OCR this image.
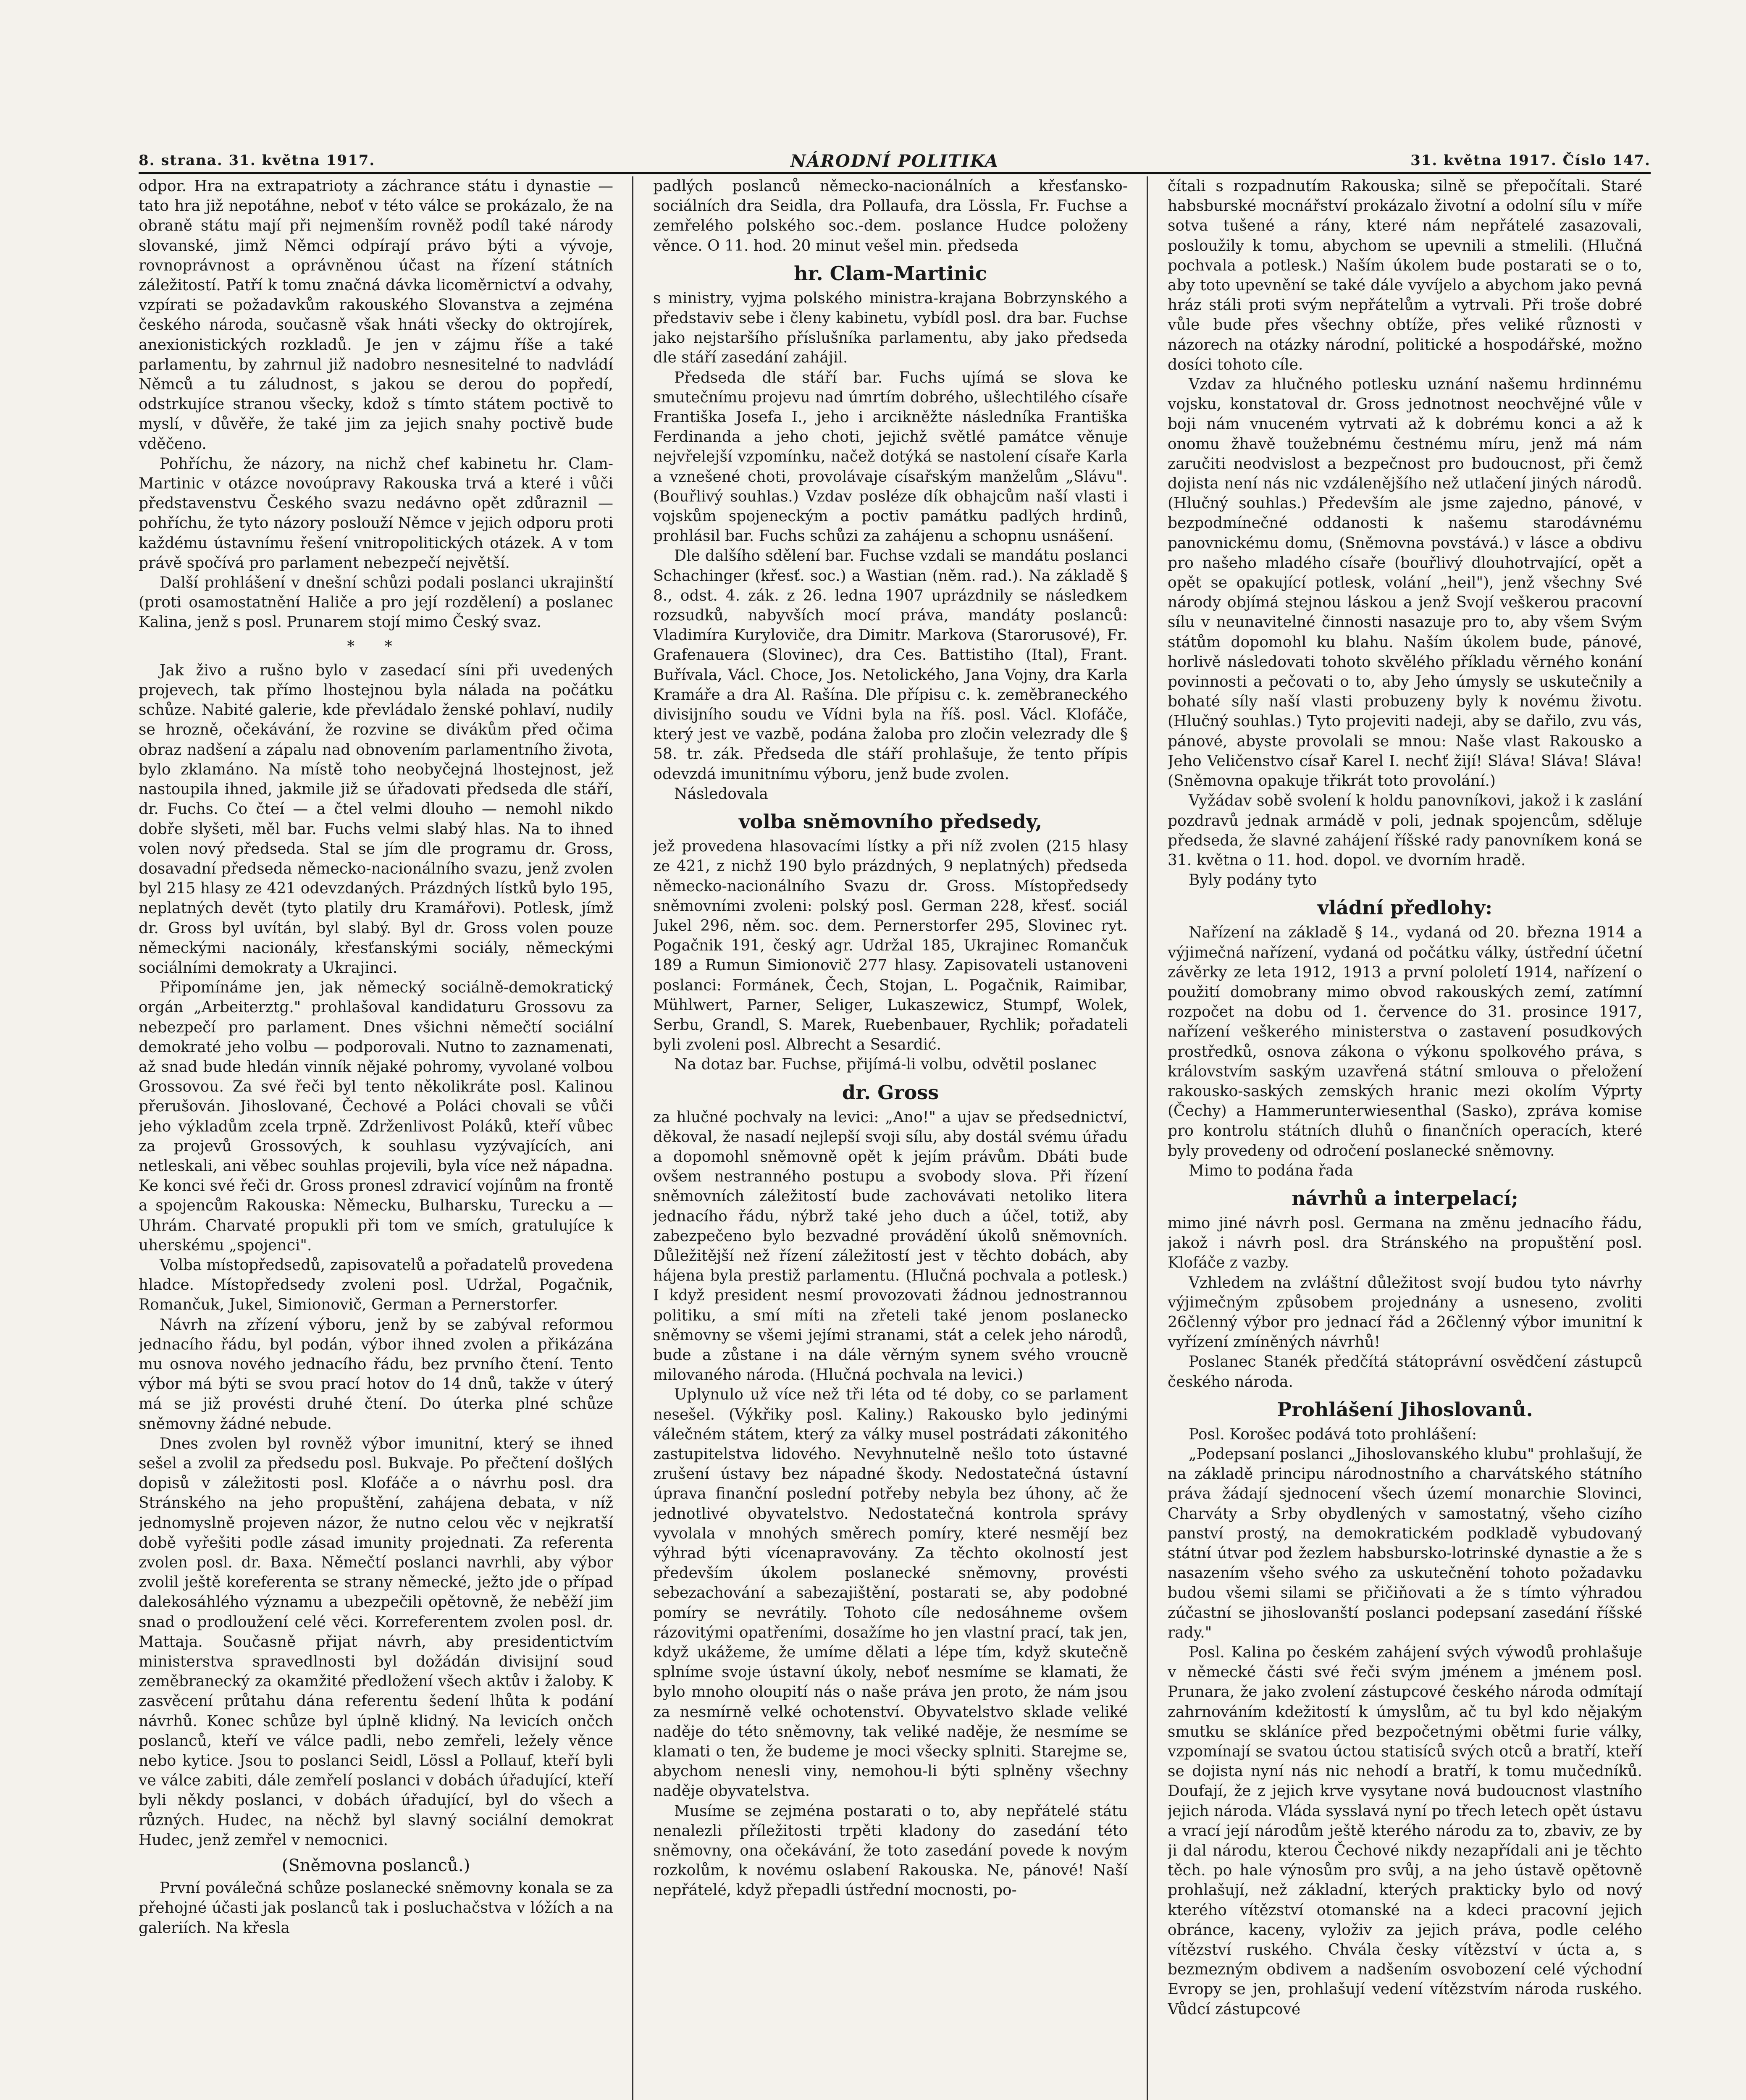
8. strana. 31. května 1917.	NÁRODNÍ POLITIKA	31. května 1917. Číslo 147.

odpor. Hra na extrapatrioty a záchrance státu i dynastie — tato hra již nepotáhne, neboť v této válce se prokázalo, že na obraně státu mají při nejmenším rovněž podíl také národy slovanské, jimž Němci odpírají právo býti a vývoje, rovnoprávnost a oprávněnou účast na řízení státních záležitostí. Patří k tomu značná dávka licoměrnictví a odvahy, vzpírati se požadavkům rakouského Slovanstva a zejména českého národa, současně však hnáti všecky do oktrojírek, anexionistických rozkladů. Je jen v zájmu říše a také parlamentu, by zahrnul již nadobro nesnesitelné to nadvládí Němců a tu záludnost, s jakou se derou do popředí, odstrkujíce stranou všecky, kdož s tímto státem poctivě to myslí, v důvěře, že také jim za jejich snahy poctivě bude vděčeno.

Pohříchu, že názory, na nichž chef kabinetu hr. Clam-Martinic v otázce novoúpravy Rakouska trvá a které i vůči představenstvu Českého svazu nedávno opět zdůraznil — pohříchu, že tyto názory poslouží Němce v jejich odporu proti každému ústavnímu řešení vnitropolitických otázek. A v tom právě spočívá pro parlament nebezpečí největší.

Další prohlášení v dnešní schůzi podali poslanci ukrajinští (proti osamostatnění Haliče a pro její rozdělení) a poslanec Kalina, jenž s posl. Prunarem stojí mimo Český svaz.

* *

Jak živo a rušno bylo v zasedací síni při uvedených projevech, tak přímo lhostejnou byla nálada na počátku schůze. Nabité galerie, kde převládalo ženské pohlaví, nudily se hrozně, očekávání, že rozvine se divákům před očima obraz nadšení a zápalu nad obnovením parlamentního života, bylo zklamáno. Na místě toho neobyčejná lhostejnost, jež nastoupila ihned, jakmile již se úřadovati předseda dle stáří, dr. Fuchs. Co čteí — a čtel velmi dlouho — nemohl nikdo dobře slyšeti, měl bar. Fuchs velmi slabý hlas. Na to ihned volen nový předseda. Stal se jím dle programu dr. Gross, dosavadní předseda německo-nacionálního svazu, jenž zvolen byl 215 hlasy ze 421 odevzdaných. Prázdných lístků bylo 195, neplatných devět (tyto platily dru Kramářovi). Potlesk, jímž dr. Gross byl uvítán, byl slabý. Byl dr. Gross volen pouze německými nacionály, křesťanskými sociály, německými sociálními demokraty a Ukrajinci.

Připomínáme jen, jak německý sociálně-demokratický orgán „Arbeiterztg." prohlašoval kandidaturu Grossovu za nebezpečí pro parlament. Dnes všichni němečtí sociální demokraté jeho volbu — podporovali. Nutno to zaznamenati, až snad bude hledán vinník nějaké pohromy, vyvolané volbou Grossovou. Za své řeči byl tento několikráte posl. Kalinou přerušován. Jihoslované, Čechové a Poláci chovali se vůči jeho výkladům zcela trpně. Zdrženlivost Poláků, kteří vůbec za projevů Grossových, k souhlasu vyzývajících, ani netleskali, ani věbec souhlas projevili, byla více než nápadna. Ke konci své řeči dr. Gross pronesl zdravicí vojínům na frontě a spojencům Rakouska: Německu, Bulharsku, Turecku a — Uhrám. Charvaté propukli při tom ve smích, gratulujíce k uherskému „spojenci".

Volba místopředsedů, zapisovatelů a pořadatelů provedena hladce. Místopředsedy zvoleni posl. Udržal, Pogačnik, Romančuk, Jukel, Simionovič, German a Pernerstorfer.

Návrh na zřízení výboru, jenž by se zabýval reformou jednacího řádu, byl podán, výbor ihned zvolen a přikázána mu osnova nového jednacího řádu, bez prvního čtení. Tento výbor má býti se svou prací hotov do 14 dnů, takže v úterý má se již provésti druhé čtení. Do úterka plné schůze sněmovny žádné nebude.

Dnes zvolen byl rovněž výbor imunitní, který se ihned sešel a zvolil za předsedu posl. Bukvaje. Po přečtení došlých dopisů v záležitosti posl. Klofáče a o návrhu posl. dra Stránského na jeho propuštění, zahájena debata, v níž jednomyslně projeven názor, že nutno celou věc v nejkratší době vyřešiti podle zásad imunity projednati. Za referenta zvolen posl. dr. Baxa. Němečtí poslanci navrhli, aby výbor zvolil ještě koreferenta se strany německé, ježto jde o případ dalekosáhlého významu a ubezpečili opětovně, že neběží jim snad o prodloužení celé věci. Korreferentem zvolen posl. dr. Mattaja. Současně přijat návrh, aby presidentictvím ministerstva spravedlnosti byl dožádán divisijní soud zeměbranecký za okamžité předložení všech aktův i žaloby. K zasvěcení průtahu dána referentu šedení lhůta k podání návrhů. Konec schůze byl úplně klidný. Na levicích ončch poslanců, kteří ve válce padli, nebo zemřeli, ležely věnce nebo kytice. Jsou to poslanci Seidl, Lössl a Pollauf, kteří byli ve válce zabiti, dále zemřelí poslanci v dobách úřadující, kteří byli někdy poslanci, v dobách úřadující, byl do všech a různých. Hudec, na něchž byl slavný sociální demokrat Hudec, jenž zemřel v nemocnici.

(Sněmovna poslanců.)

První poválečná schůze poslanecké sněmovny konala se za přehojné účasti jak poslanců tak i posluchačstva v lóžích a na galeriích. Na křesla

padlých poslanců německo-nacionálních a křesťansko-sociálních dra Seidla, dra Pollaufa, dra Lössla, Fr. Fuchse a zemřelého polského soc.-dem. poslance Hudce položeny věnce. O 11. hod. 20 minut vešel min. předseda

hr. Clam-Martinic

s ministry, vyjma polského ministra-krajana Bobrzynského a představiv sebe i členy kabinetu, vybídl posl. dra bar. Fuchse jako nejstaršího příslušníka parlamentu, aby jako předseda dle stáří zasedání zahájil.

Předseda dle stáří bar. Fuchs ujímá se slova ke smutečnímu projevu nad úmrtím dobrého, ušlechtilého císaře Františka Josefa I., jeho i arcikněžte následníka Františka Ferdinanda a jeho choti, jejichž světlé památce věnuje nejvřelejší vzpomínku, načež dotýká se nastolení císaře Karla a vznešené choti, provolávaje císařským manželům „Slávu". (Bouřlivý souhlas.) Vzdav posléze dík obhajcům naší vlasti i vojskům spojeneckým a poctiv památku padlých hrdinů, prohlásil bar. Fuchs schůzi za zahájenu a schopnu usnášení.

Dle dalšího sdělení bar. Fuchse vzdali se mandátu poslanci Schachinger (křesť. soc.) a Wastian (něm. rad.). Na základě § 8., odst. 4. zák. z 26. ledna 1907 uprázdnily se následkem rozsudků, nabyvších mocí práva, mandáty poslanců: Vladimíra Kuryloviče, dra Dimitr. Markova (Starorusové), Fr. Grafenauera (Slovinec), dra Ces. Battistiho (Ital), Frant. Buřívala, Václ. Choce, Jos. Netolického, Jana Vojny, dra Karla Kramáře a dra Al. Rašína. Dle přípisu c. k. zeměbraneckého divisijního soudu ve Vídni byla na říš. posl. Václ. Klofáče, který jest ve vazbě, podána žaloba pro zločin velezrady dle § 58. tr. zák. Předseda dle stáří prohlašuje, že tento přípis odevzdá imunitnímu výboru, jenž bude zvolen.

Následovala

volba sněmovního předsedy,

jež provedena hlasovacími lístky a při níž zvolen (215 hlasy ze 421, z nichž 190 bylo prázdných, 9 neplatných) předseda německo-nacionálního Svazu dr. Gross. Místopředsedy sněmovními zvoleni: polský posl. German 228, křesť. sociál Jukel 296, něm. soc. dem. Pernerstorfer 295, Slovinec ryt. Pogačnik 191, český agr. Udržal 185, Ukrajinec Romančuk 189 a Rumun Simionovič 277 hlasy. Zapisovateli ustanoveni poslanci: Formánek, Čech, Stojan, L. Pogačnik, Raimibar, Mühlwert, Parner, Seliger, Lukaszewicz, Stumpf, Wolek, Serbu, Grandl, S. Marek, Ruebenbauer, Rychlik; pořadateli byli zvoleni posl. Albrecht a Sesardić.

Na dotaz bar. Fuchse, přijímá-li volbu, odvětil poslanec

dr. Gross

za hlučné pochvaly na levici: „Ano!" a ujav se předsednictví, děkoval, že nasadí nejlepší svoji sílu, aby dostál svému úřadu a dopomohl sněmovně opět k jejím právům. Dbáti bude ovšem nestranného postupu a svobody slova. Při řízení sněmovních záležitostí bude zachovávati netoliko litera jednacího řádu, nýbrž také jeho duch a účel, totiž, aby zabezpečeno bylo bezvadné provádění úkolů sněmovních. Důležitější než řízení záležitostí jest v těchto dobách, aby hájena byla prestiž parlamentu. (Hlučná pochvala a potlesk.) I když president nesmí provozovati žádnou jednostrannou politiku, a smí míti na zřeteli také jenom poslanecko sněmovny se všemi jejími stranami, stát a celek jeho národů, bude a zůstane i na dále věrným synem svého vroucně milovaného národa. (Hlučná pochvala na levici.)

Uplynulo už více než tři léta od té doby, co se parlament nesešel. (Výkřiky posl. Kaliny.) Rakousko bylo jedinými válečném státem, který za války musel postrádati zákonitého zastupitelstva lidového. Nevyhnutelně nešlo toto ústavné zrušení ústavy bez nápadné škody. Nedostatečná ústavní úprava finanční poslední potřeby nebyla bez úhony, ač že jednotlivé obyvatelstvo. Nedostatečná kontrola správy vyvolala v mnohých směrech pomíry, které nesmějí bez výhrad býti vícenapravovány. Za těchto okolností jest především úkolem poslanecké sněmovny, provésti sebezachování a sabezajištění, postarati se, aby podobné pomíry se nevrátily. Tohoto cíle nedosáhneme ovšem rázovitými opatřeními, dosažíme ho jen vlastní prací, tak jen, když ukážeme, že umíme dělati a lépe tím, když skutečně splníme svoje ústavní úkoly, neboť nesmíme se klamati, že bylo mnoho oloupití nás o naše práva jen proto, že nám jsou za nesmírně velké ochotenství. Obyvatelstvo sklade veliké naděje do této sněmovny, tak veliké naděje, že nesmíme se klamati o ten, že budeme je moci všecky splniti. Starejme se, abychom nenesli viny, nemohou-li býti splněny všechny naděje obyvatelstva.

Musíme se zejména postarati o to, aby nepřátelé státu nenalezli příležitosti trpěti kladony do zasedání této sněmovny, ona očekávání, že toto zasedání povede k novým rozkolům, k novému oslabení Rakouska. Ne, pánové! Naší nepřátelé, když přepadli ústřední mocnosti, po-

čítali s rozpadnutím Rakouska; silně se přepočítali. Staré habsburské mocnářství prokázalo životní a odolní sílu v míře sotva tušené a rány, které nám nepřátelé zasazovali, posloužily k tomu, abychom se upevnili a stmelili. (Hlučná pochvala a potlesk.) Naším úkolem bude postarati se o to, aby toto upevnění se také dále vyvíjelo a abychom jako pevná hráz stáli proti svým nepřátelům a vytrvali. Při troše dobré vůle bude přes všechny obtíže, přes veliké různosti v názorech na otázky národní, politické a hospodářské, možno dosíci tohoto cíle.

Vzdav za hlučného potlesku uznání našemu hrdinnému vojsku, konstatoval dr. Gross jednotnost neochvějné vůle v boji nám vnuceném vytrvati až k dobrému konci a až k onomu žhavě toužebnému čestnému míru, jenž má nám zaručiti neodvislost a bezpečnost pro budoucnost, při čemž dojista není nás nic vzdálenějšího než utlačení jiných národů. (Hlučný souhlas.) Především ale jsme zajedno, pánové, v bezpodmínečné oddanosti k našemu starodávnému panovnickému domu, (Sněmovna povstává.) v lásce a obdivu pro našeho mladého císaře (bouřlivý dlouhotrvající, opět a opět se opakující potlesk, volání „heil"), jenž všechny Své národy objímá stejnou láskou a jenž Svojí veškerou pracovní sílu v neunavitelné činnosti nasazuje pro to, aby všem Svým státům dopomohl ku blahu. Naším úkolem bude, pánové, horlivě následovati tohoto skvělého příkladu věrného konání povinnosti a pečovati o to, aby Jeho úmysly se uskutečnily a bohaté síly naší vlasti probuzeny byly k novému životu. (Hlučný souhlas.) Tyto projeviti nadeji, aby se dařilo, zvu vás, pánové, abyste provolali se mnou: Naše vlast Rakousko a Jeho Veličenstvo císař Karel I. nechť žijí! Sláva! Sláva! Sláva! (Sněmovna opakuje třikrát toto provolání.)

Vyžádav sobě svolení k holdu panovníkovi, jakož i k zaslání pozdravů jednak armádě v poli, jednak spojencům, sděluje předseda, že slavné zahájení říšské rady panovníkem koná se 31. května o 11. hod. dopol. ve dvorním hradě.

Byly podány tyto

vládní předlohy:

Nařízení na základě § 14., vydaná od 20. března 1914 a výjimečná nařízení, vydaná od počátku války, ústřední účetní závěrky ze leta 1912, 1913 a první pololetí 1914, nařízení o použití domobrany mimo obvod rakouských zemí, zatímní rozpočet na dobu od 1. července do 31. prosince 1917, nařízení veškerého ministerstva o zastavení posudkových prostředků, osnova zákona o výkonu spolkového práva, s královstvím saským uzavřená státní smlouva o přeložení rakousko-saských zemských hranic mezi okolím Výprty (Čechy) a Hammerunterwiesenthal (Sasko), zpráva komise pro kontrolu státních dluhů o finančních operacích, které byly provedeny od odročení poslanecké sněmovny.

Mimo to podána řada

návrhů a interpelací;

mimo jiné návrh posl. Germana na změnu jednacího řádu, jakož i návrh posl. dra Stránského na propuštění posl. Klofáče z vazby.

Vzhledem na zvláštní důležitost svojí budou tyto návrhy výjimečným způsobem projednány a usneseno, zvoliti 26členný výbor pro jednací řád a 26členný výbor imunitní k vyřízení zmíněných návrhů!

Poslanec Stanék předčítá státoprávní osvědčení zástupců českého národa.

Prohlášení Jihoslovanů.

Posl. Korošec podává toto prohlášení:

„Podepsaní poslanci „Jihoslovanského klubu" prohlašují, že na základě principu národnostního a charvátského státního práva žádají sjednocení všech území monarchie Slovinci, Charváty a Srby obydlených v samostatný, všeho cizího panství prostý, na demokratickém podkladě vybudovaný státní útvar pod žezlem habsbursko-lotrinské dynastie a že s nasazením všeho svého za uskutečnění tohoto požadavku budou všemi silami se přičiňovati a že s tímto výhradou zúčastní se jihoslovanští poslanci podepsaní zasedání říšské rady."

Posl. Kalina po českém zahájení svých výwodů prohlašuje v německé části své řeči svým jménem a jménem posl. Prunara, že jako zvolení zástupcové českého národa odmítají zahrnováním kdežitostí k úmyslům, ač tu byl kdo nějakým smutku se skláníce před bezpočetnými obětmi furie války, vzpomínají se svatou úctou statisíců svých otců a bratří, kteří se dojista nyní nás nic nehodí a bratří, k tomu mučedníků. Doufají, že z jejich krve vysytane nová budoucnost vlastního jejich národa. Vláda sysslavá nyní po třech letech opět ústavu a vrací její národům ještě kterého národu za to, zbaviv, ze by ji dal národu, kterou Čechové nikdy nezapřídali ani je těchto těch. po hale výnosům pro svůj, a na jeho ústavě opětovně prohlašují, než základní, kterých prakticky bylo od nový kterého vítězství otomanské na a kdeci pracovní jejich obránce, kaceny, vyloživ za jejich práva, podle celého vítězství ruského. Chvála česky vítězství v úcta a, s bezmezným obdivem a nadšením osvobození celé východní Evropy se jen, prohlašují vedení vítězstvím národa ruského. Vůdcí zástupcové
